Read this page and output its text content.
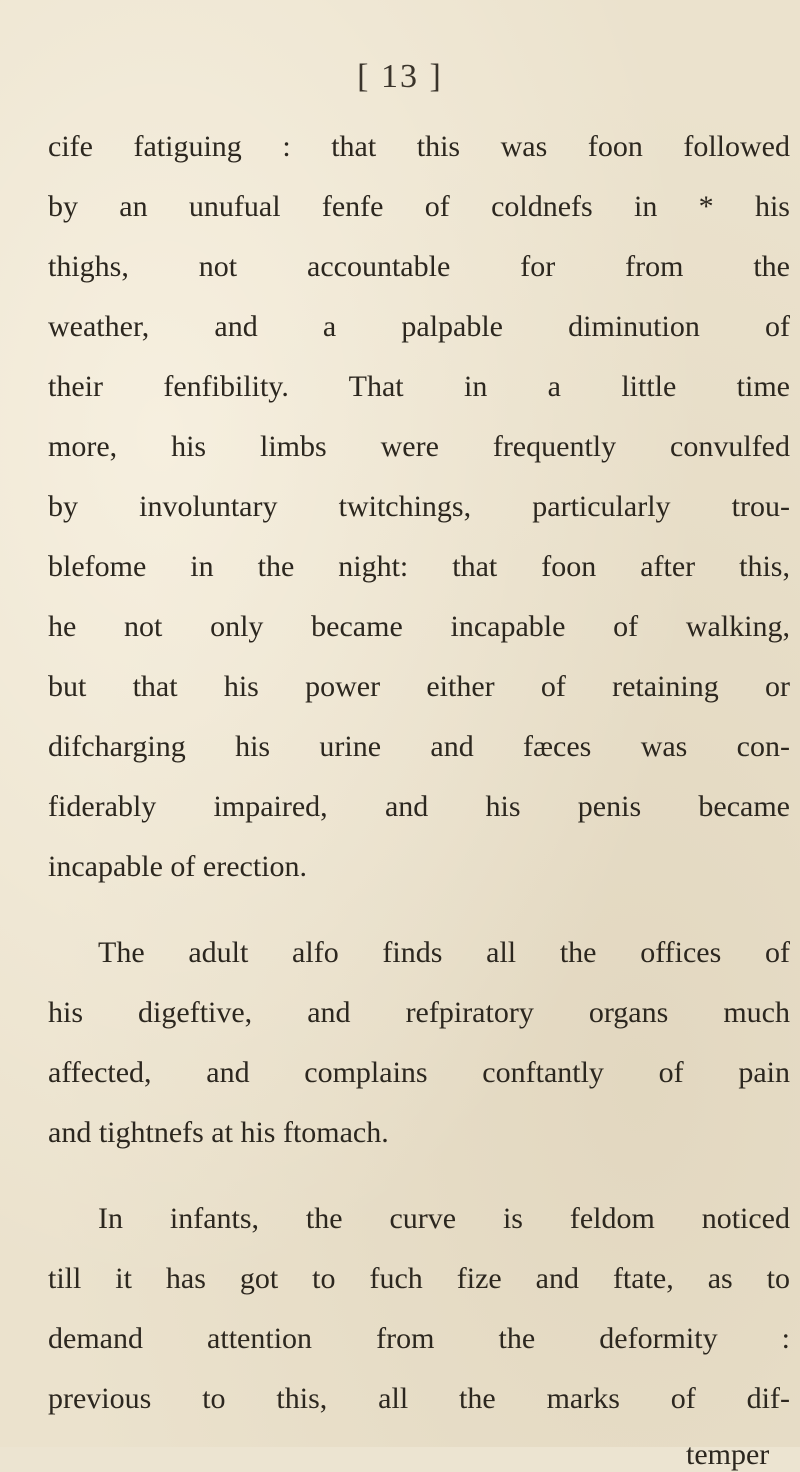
[ 13 ]
cife fatiguing : that this was foon followed
by an unufual fenfe of coldnefs in * his
thighs, not accountable for from the
weather, and a palpable diminution of
their fenfibility. That in a little time
more, his limbs were frequently convulfed
by involuntary twitchings, particularly trou-
blefome in the night: that foon after this,
he not only became incapable of walking,
but that his power either of retaining or
difcharging his urine and fæces was con-
fiderably impaired, and his penis became
incapable of erection.
The adult alfo finds all the offices of
his digeftive, and refpiratory organs much
affected, and complains conftantly of pain
and tightnefs at his ftomach.
In infants, the curve is feldom noticed
till it has got to fuch fize and ftate, as to
demand attention from the deformity :
previous to this, all the marks of dif-
temper
